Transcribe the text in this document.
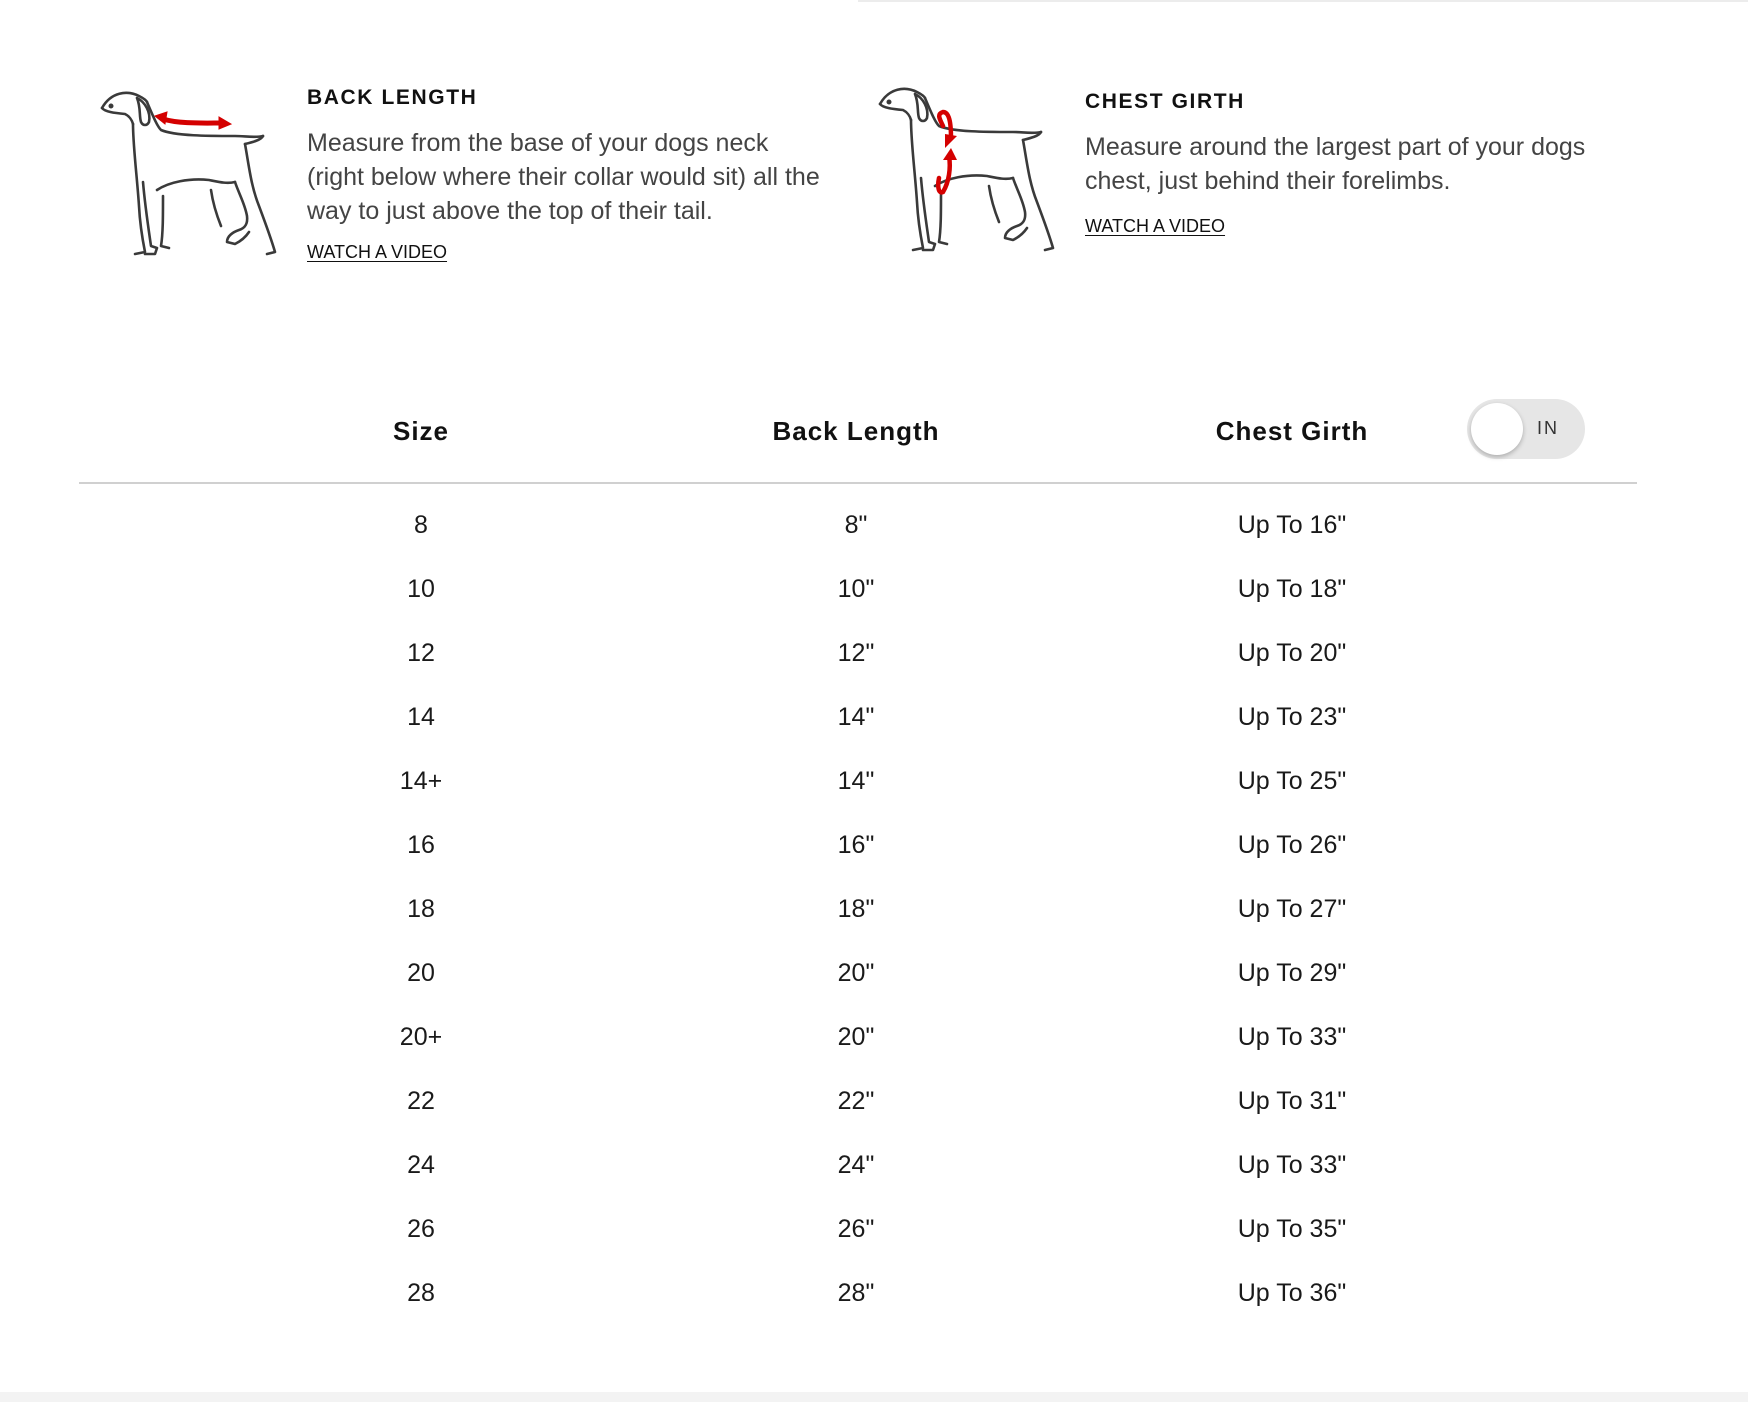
BACK LENGTH

Measure from the base of your dogs neck (right below where their collar would sit) all the way to just above the top of their tail.

WATCH A VIDEO
CHEST GIRTH

Measure around the largest part of your dogs chest, just behind their forelimbs.

WATCH A VIDEO
Size	Back Length	Chest Girth	IN
8	8"	Up To 16"
10	10"	Up To 18"
12	12"	Up To 20"
14	14"	Up To 23"
14+	14"	Up To 25"
16	16"	Up To 26"
18	18"	Up To 27"
20	20"	Up To 29"
20+	20"	Up To 33"
22	22"	Up To 31"
24	24"	Up To 33"
26	26"	Up To 35"
28	28"	Up To 36"
